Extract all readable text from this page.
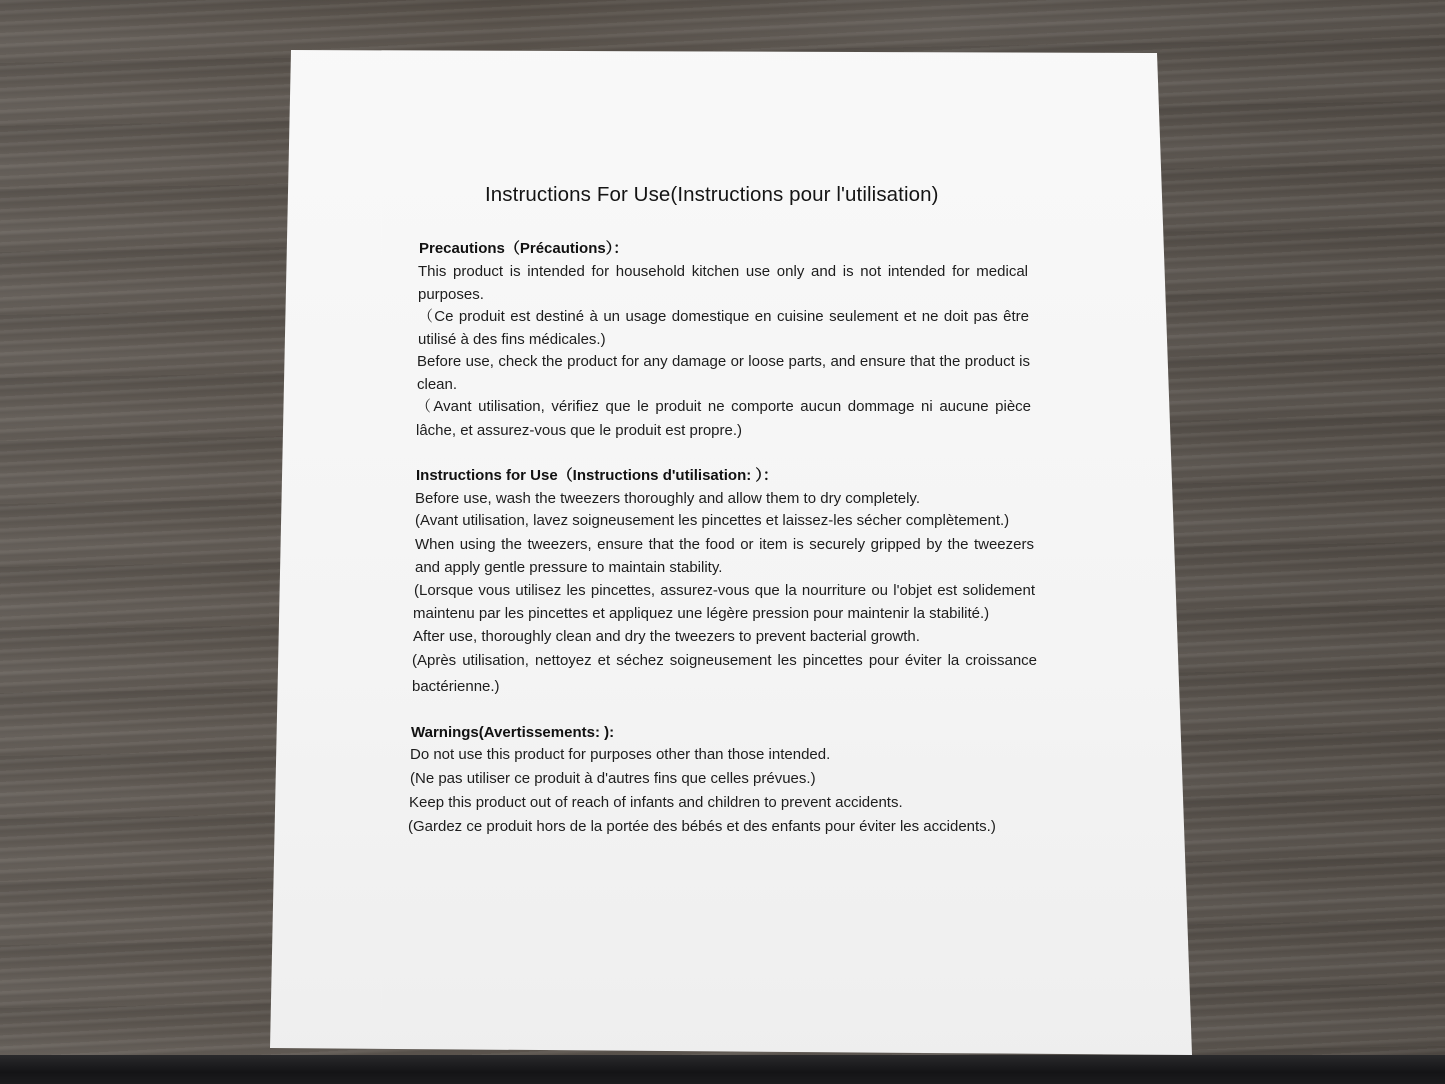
Instructions For Use(Instructions pour l'utilisation)
Precautions（Précautions）：
This product is intended for household kitchen use only and is not intended for medical
purposes.
（Ce produit est destiné à un usage domestique en cuisine seulement et ne doit pas être
utilisé à des fins médicales.)
Before use, check the product for any damage or loose parts, and ensure that the product is
clean.
（Avant utilisation, vérifiez que le produit ne comporte aucun dommage ni aucune pièce
lâche, et assurez-vous que le produit est propre.)
Instructions for Use（Instructions d'utilisation: ）：
Before use, wash the tweezers thoroughly and allow them to dry completely.
(Avant utilisation, lavez soigneusement les pincettes et laissez-les sécher complètement.)
When using the tweezers, ensure that the food or item is securely gripped by the tweezers
and apply gentle pressure to maintain stability.
(Lorsque vous utilisez les pincettes, assurez-vous que la nourriture ou l'objet est solidement
maintenu par les pincettes et appliquez une légère pression pour maintenir la stabilité.)
After use, thoroughly clean and dry the tweezers to prevent bacterial growth.
(Après utilisation, nettoyez et séchez soigneusement les pincettes pour éviter la croissance
bactérienne.)
Warnings(Avertissements: ):
Do not use this product for purposes other than those intended.
(Ne pas utiliser ce produit à d'autres fins que celles prévues.)
Keep this product out of reach of infants and children to prevent accidents.
(Gardez ce produit hors de la portée des bébés et des enfants pour éviter les accidents.)
